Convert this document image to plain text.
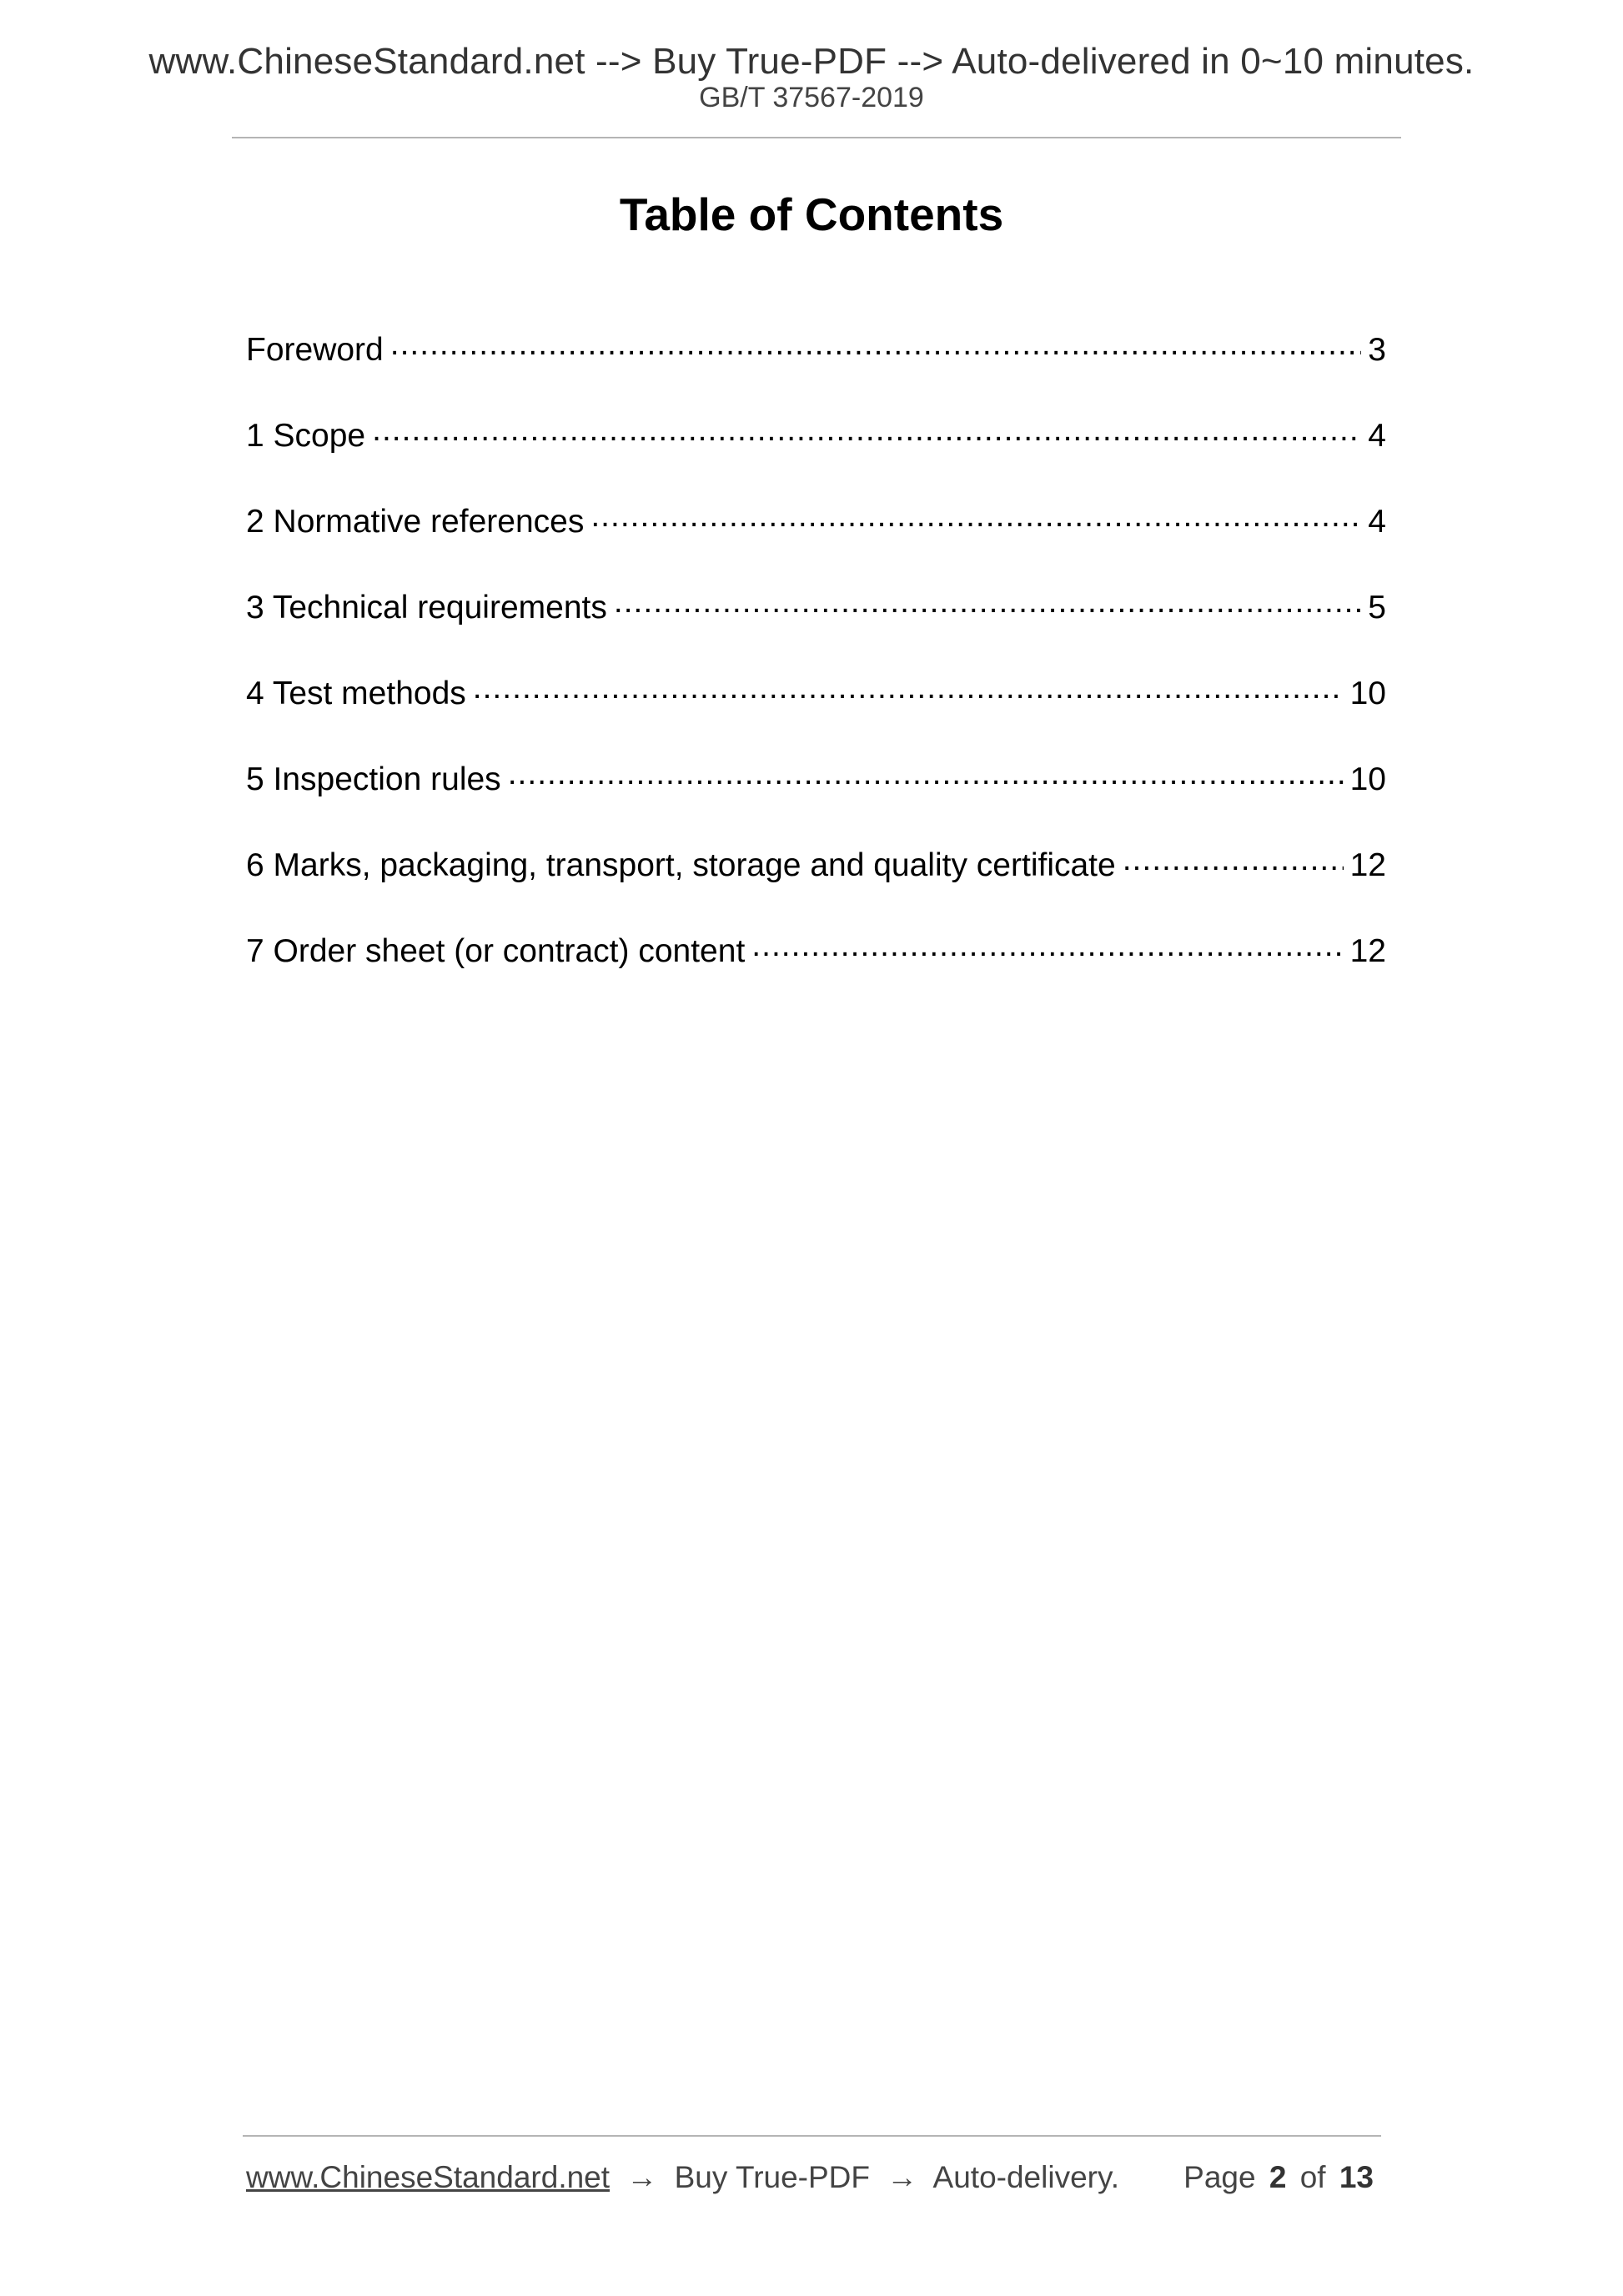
www.ChineseStandard.net --> Buy True-PDF --> Auto-delivered in 0~10 minutes.
GB/T 37567-2019
Table of Contents
Foreword .....	3
1 Scope .....	4
2 Normative references .....	4
3 Technical requirements .....	5
4 Test methods .....	10
5 Inspection rules .....	10
6 Marks, packaging, transport, storage and quality certificate .....	12
7 Order sheet (or contract) content .....	12
www.ChineseStandard.net → Buy True-PDF → Auto-delivery. Page 2 of 13
